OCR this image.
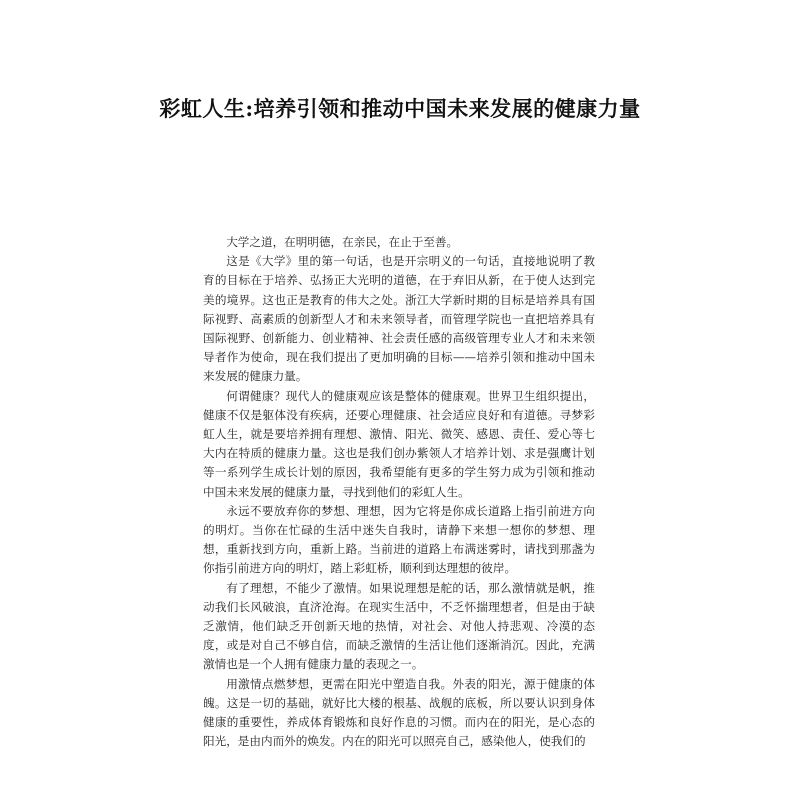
彩虹人生:培养引领和推动中国未来发展的健康力量

大学之道，在明明德，在亲民，在止于至善。

这是《大学》里的第一句话，也是开宗明义的一句话，直接地说明了教育的目标在于培养、弘扬正大光明的道德，在于弃旧从新，在于使人达到完美的境界。这也正是教育的伟大之处。浙江大学新时期的目标是培养具有国际视野、高素质的创新型人才和未来领导者，而管理学院也一直把培养具有国际视野、创新能力、创业精神、社会责任感的高级管理专业人才和未来领导者作为使命，现在我们提出了更加明确的目标——培养引领和推动中国未来发展的健康力量。

何谓健康？现代人的健康观应该是整体的健康观。世界卫生组织提出，健康不仅是躯体没有疾病，还要心理健康、社会适应良好和有道德。寻梦彩虹人生，就是要培养拥有理想、激情、阳光、微笑、感恩、责任、爱心等七大内在特质的健康力量。这也是我们创办紫领人才培养计划、求是强鹰计划等一系列学生成长计划的原因，我希望能有更多的学生努力成为引领和推动中国未来发展的健康力量，寻找到他们的彩虹人生。

永远不要放弃你的梦想、理想，因为它将是你成长道路上指引前进方向的明灯。当你在忙碌的生活中迷失自我时，请静下来想一想你的梦想、理想，重新找到方向，重新上路。当前进的道路上布满迷雾时，请找到那盏为你指引前进方向的明灯，踏上彩虹桥，顺利到达理想的彼岸。

有了理想，不能少了激情。如果说理想是舵的话，那么激情就是帆，推动我们长风破浪，直济沧海。在现实生活中，不乏怀揣理想者，但是由于缺乏激情，他们缺乏开创新天地的热情，对社会、对他人持悲观、冷漠的态度，或是对自己不够自信，而缺乏激情的生活让他们逐渐消沉。因此，充满激情也是一个人拥有健康力量的表现之一。

用激情点燃梦想，更需在阳光中塑造自我。外表的阳光，源于健康的体魄。这是一切的基础，就好比大楼的根基、战舰的底板，所以要认识到身体健康的重要性，养成体育锻炼和良好作息的习惯。而内在的阳光，是心态的阳光，是由内而外的焕发。内在的阳光可以照亮自己，感染他人，使我们的
